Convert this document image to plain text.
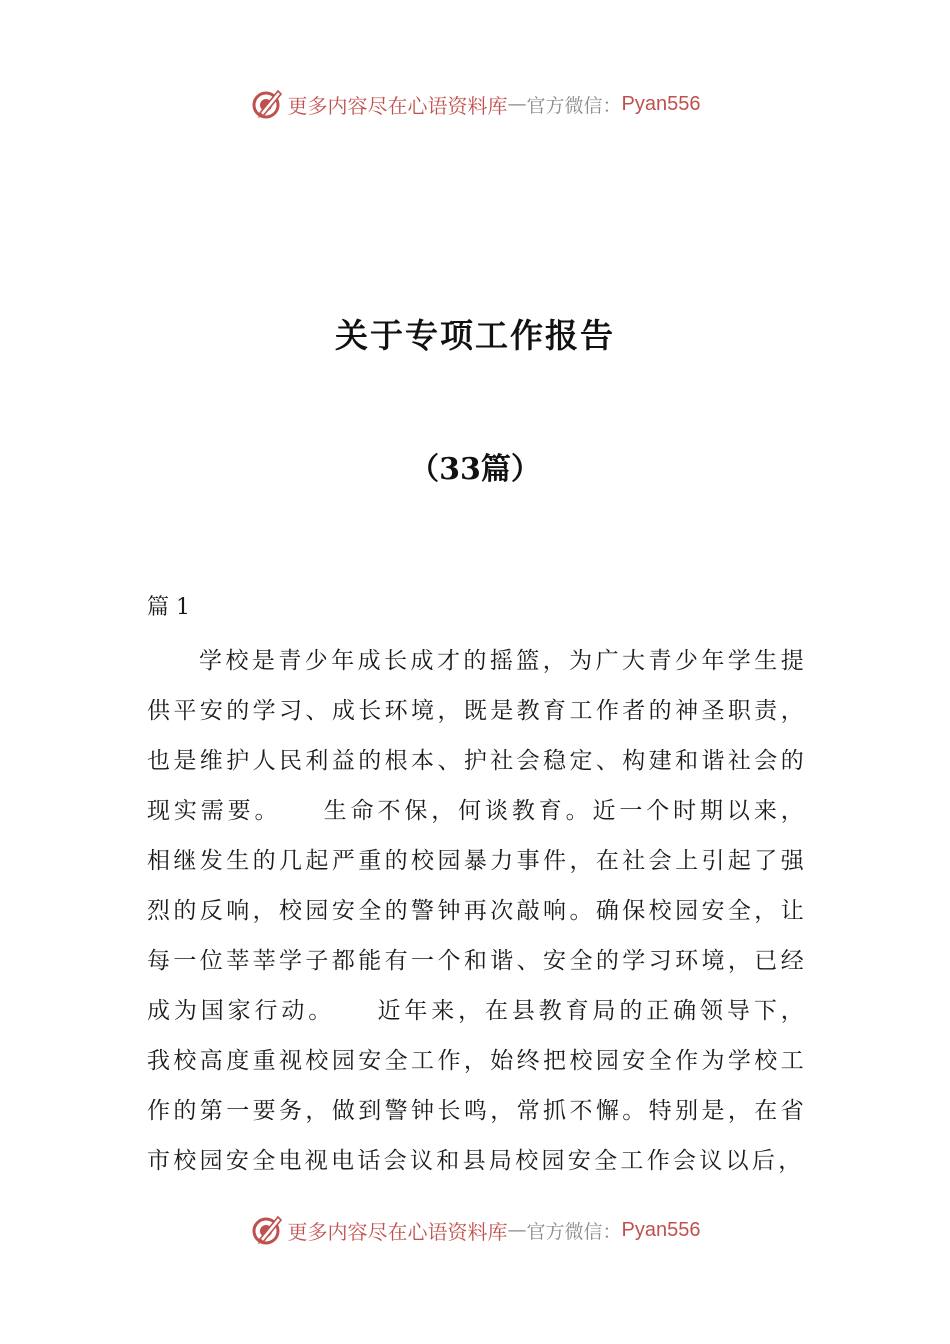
更多内容尽在心语资料库 — 官方微信： Pyan556
关于专项工作报告
（33篇）
篇 1

学校是青少年成长成才的摇篮，为广大青少年学生提供平安的学习、成长环境，既是教育工作者的神圣职责，也是维护人民利益的根本、护社会稳定、构建和谐社会的现实需要。　　生命不保，何谈教育。近一个时期以来，相继发生的几起严重的校园暴力事件，在社会上引起了强烈的反响，校园安全的警钟再次敲响。确保校园安全，让每一位莘莘学子都能有一个和谐、安全的学习环境，已经成为国家行动。　　近年来，在县教育局的正确领导下，我校高度重视校园安全工作，始终把校园安全作为学校工作的第一要务，做到警钟长鸣，常抓不懈。特别是，在省市校园安全电视电话会议和县局校园安全工作会议以后，

更多内容尽在心语资料库 — 官方微信： Pyan556
